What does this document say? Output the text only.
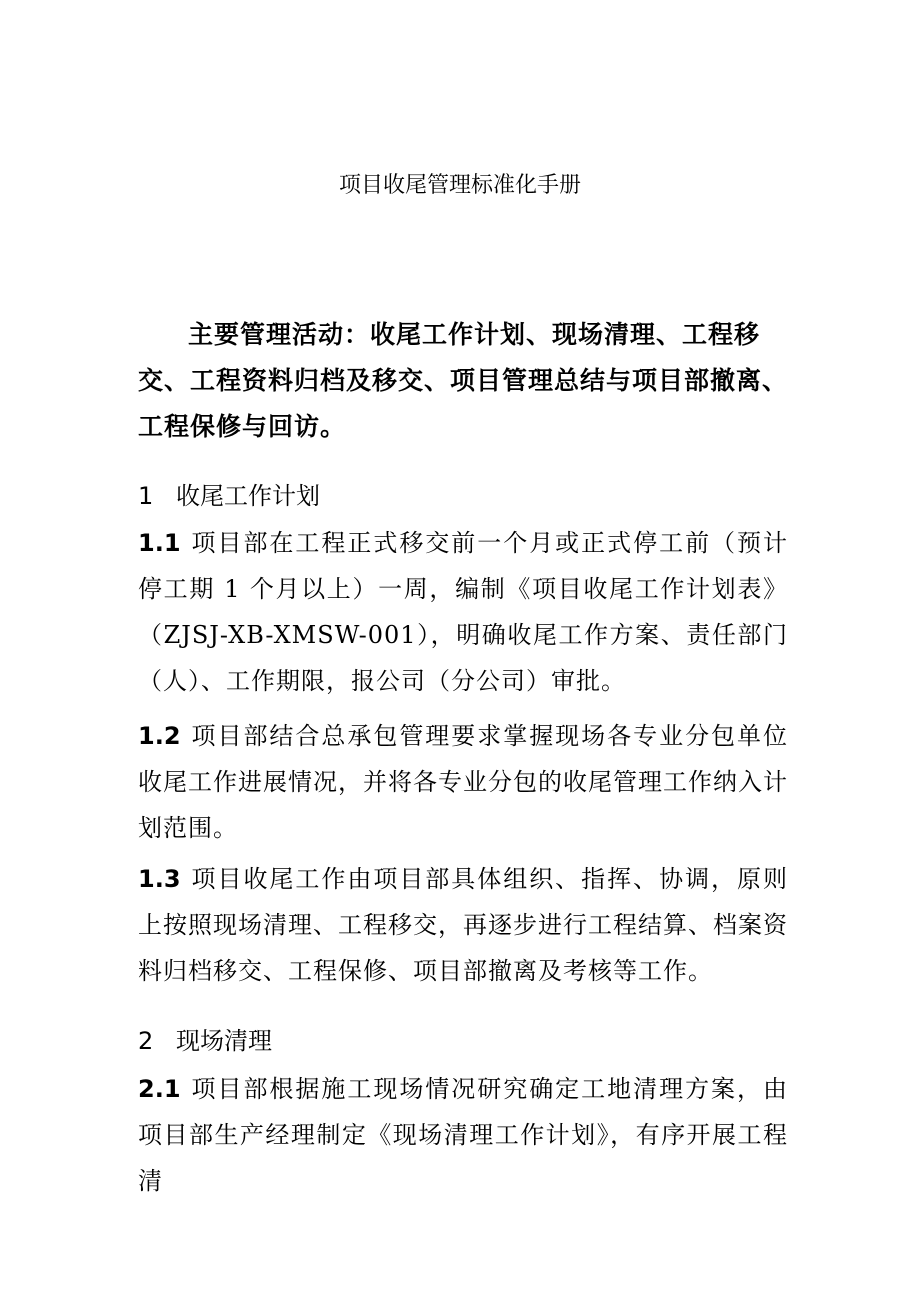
项目收尾管理标准化手册

主要管理活动：收尾工作计划、现场清理、工程移交、工程资料归档及移交、项目管理总结与项目部撤离、工程保修与回访。

1 收尾工作计划

1.1 项目部在工程正式移交前一个月或正式停工前（预计停工期 1 个月以上）一周，编制《项目收尾工作计划表》（ZJSJ-XB-XMSW-001），明确收尾工作方案、责任部门（人）、工作期限，报公司（分公司）审批。

1.2 项目部结合总承包管理要求掌握现场各专业分包单位收尾工作进展情况，并将各专业分包的收尾管理工作纳入计划范围。

1.3 项目收尾工作由项目部具体组织、指挥、协调，原则上按照现场清理、工程移交，再逐步进行工程结算、档案资料归档移交、工程保修、项目部撤离及考核等工作。

2 现场清理

2.1 项目部根据施工现场情况研究确定工地清理方案，由项目部生产经理制定《现场清理工作计划》，有序开展工程清
